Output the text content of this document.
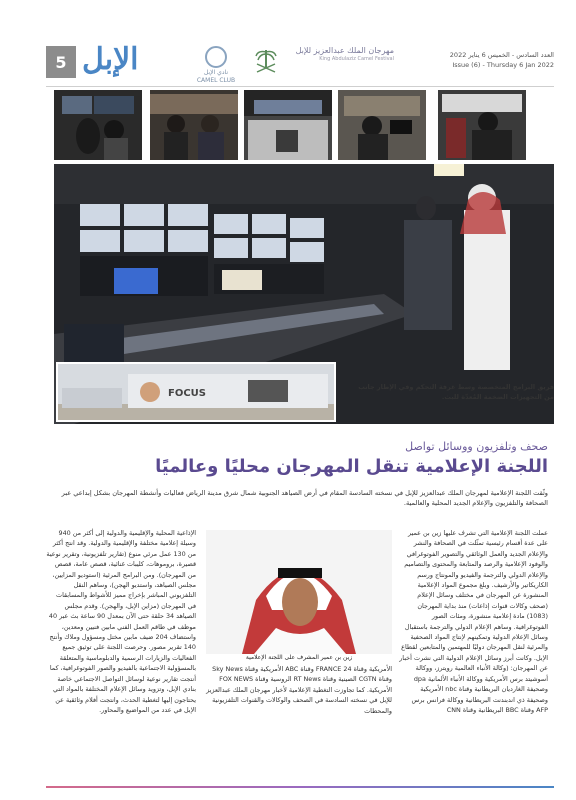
5 الإبل	نادي الإبل
CAMEL CLUB
مهرجان الملك عبدالعزيز للإبل
King Abdulaziz Camel Festival	العدد السادس - الخميس 6 يناير 2022
Issue (6) - Thursday 6 Jan 2022
FOCUS
فريق البرامج المتخصصة وسط غرفة التحكم وفي الإطار جانب من التجهيزات الضخمة المُعدّة للبث.
صحف وتلفزيون ووسائل تواصل
اللجنة الإعلامية تنقل المهرجان محليًا وعالميًا
وثّقت اللجنة الإعلامية لمهرجان الملك عبدالعزيز للإبل في نسخته السادسة المقام في أرض الصياهد الجنوبية شمال شرق مدينة الرياض فعاليات وأنشطة المهرجان بشكل إبداعي عبر الصحافة والتلفزيون والإعلام الجديد المحلية والعالمية.
عملت اللجنة الإعلامية التي تشرف عليها زين بن عمير على عدة أقسام رئيسية تمثّلت في الصحافة والنشر والإعلام الجديد والعمل الوثائقي والتصوير الفوتوغرافي والوفود الإعلامية والرصد والمتابعة والمحتوى والتصاميم والإعلام الدولي والترجمة والفيديو والمونتاج ورسم الكاريكاتير والأرشيف. وبلغ مجموع المواد الإعلامية المنشورة عن المهرجان في مختلف وسائل الإعلام (صحف وكالات قنوات إذاعات) منذ بداية المهرجان (1083) مادة إعلامية منشورة، ومئات الصور الفوتوغرافية. وساهم الإعلام الدولي والترجمة باستقبال وسائل الإعلام الدولية وتمكينهم لإنتاج المواد الصحفية والمرئية لنقل المهرجان دوليًا للمهتمين والمتابعين لقطاع الإبل. وكانت أبرز وسائل الإعلام الدولية التي نشرت أخبار عن المهرجان: (وكالة الأنباء العالمية رويترز، ووكالة أسوشيتد برس الأمريكية ووكالة الأنباء الألمانية dpa وصحيفة الغارديان البريطانية وقناة nbc الأمريكية وصحيفة ذي اندبندنت البريطانية ووكالة فرانس برس AFP وقناة BBC البريطانية وقناة CNN
زين بن عمير المشرف على اللجنة الإعلامية
الأمريكية وقناة 24 FRANCE وقناة ABC الأمريكية وقناة Sky News وقناة CGTN الصينية وقناة RT News الروسية وقناة FOX NEWS الأمريكية. كما تجاوزت التغطية الإعلامية لأخبار مهرجان الملك عبدالعزيز للإبل في نسخته السادسة في الصحف والوكالات والقنوات التلفزيونية والمحطات
الإذاعية المحلية والإقليمية والدولية إلى أكثر من 940 وسيلة إعلامية مختلفة والإقليمية والدولية. وقد انتج أكثر من 130 عمل مرئي منوع (تقارير تلفزيونية، وتقرير نوعية قصيرة، بروموهات، كليبات غنائية، قصص عامة، قصص من المهرجان). ومن البرامج المرئية (استوديو المزايين، مجلس الصياهد، واستديو الهجن)، وساهم النقل التلفزيوني المباشر بإخراج مميز للأشواط والمسابقات في المهرجان (مزاين الإبل، والهجن). وقدم مجلس الصياهد 34 حلقة حتى الآن بمعدل 90 ساعة بث عبر 40 موظف في طاقم العمل الفني مابين فنيين ومعدين، واستضاف 204 ضيف مابين مختل ومسؤول وملاك وأنتج 140 تقرير مصور. وحرصت اللجنة على توثيق جميع الفعاليات والزيارات الرسمية والدبلوماسية والمتعلقة بالمسؤولية الاجتماعية بالفيديو والصور الفوتوغرافية، كما أنتجت تقارير نوعية لوسائل التواصل الاجتماعي خاصة بنادي الإبل، وتزويد وسائل الإعلام المختلفة بالمواد التي يحتاجون إليها لتغطية الحدث، وانتجت أفلام وثائقية عن الإبل في عدد من المواضيع والمحاور.
